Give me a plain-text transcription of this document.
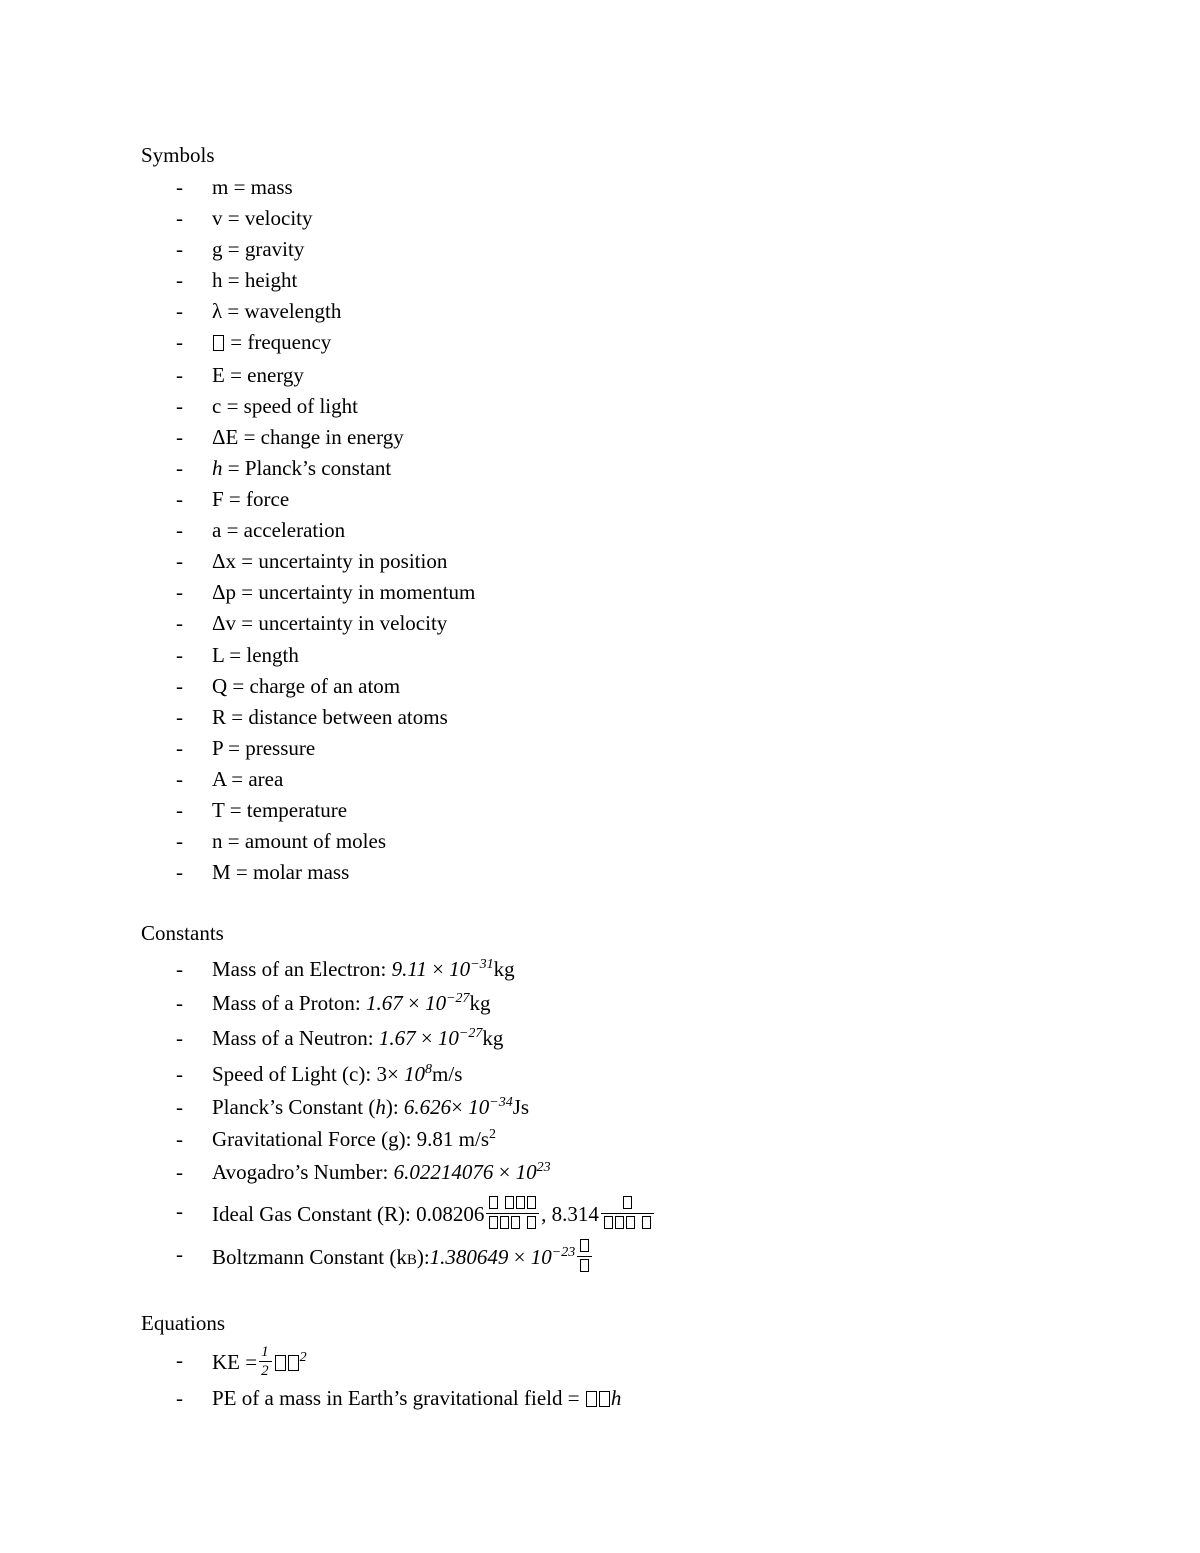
Symbols
- m = mass
- v = velocity
- g = gravity
- h = height
- λ = wavelength
-	= frequency
- E = energy
- c = speed of light
- ΔE = change in energy
- h = Planck’s constant
- F = force
- a = acceleration
- Δx = uncertainty in position
- Δp = uncertainty in momentum
- Δv = uncertainty in velocity
- L = length
- Q = charge of an atom
- R = distance between atoms
- P = pressure
- A = area
- T = temperature
- n = amount of moles
- M = molar mass
Constants
- Mass of an Electron: $9.11 \times 10^{-31}kg$
- Mass of a Proton: $1.67 \times 10^{-27}kg$
- Mass of a Neutron: $1.67 \times 10^{-27}kg$
- Speed of Light (c): $3\times 10^8m/s$
- Planck’s Constant (h): $6.626\times 10^{-34}Js$
- Gravitational Force (g): 9.81 $m/s^2$
- Avogadro’s Number: $6.02214076 \times 10^{23}$
- Ideal Gas Constant (R): 0.08206

	, 8.314

- Boltzmann Constant (kB):1.380649 × $10^{-23}$
Equations
- KE = $\frac{1}{2} ^2$
- PE of a mass in Earth’s gravitational field = h
